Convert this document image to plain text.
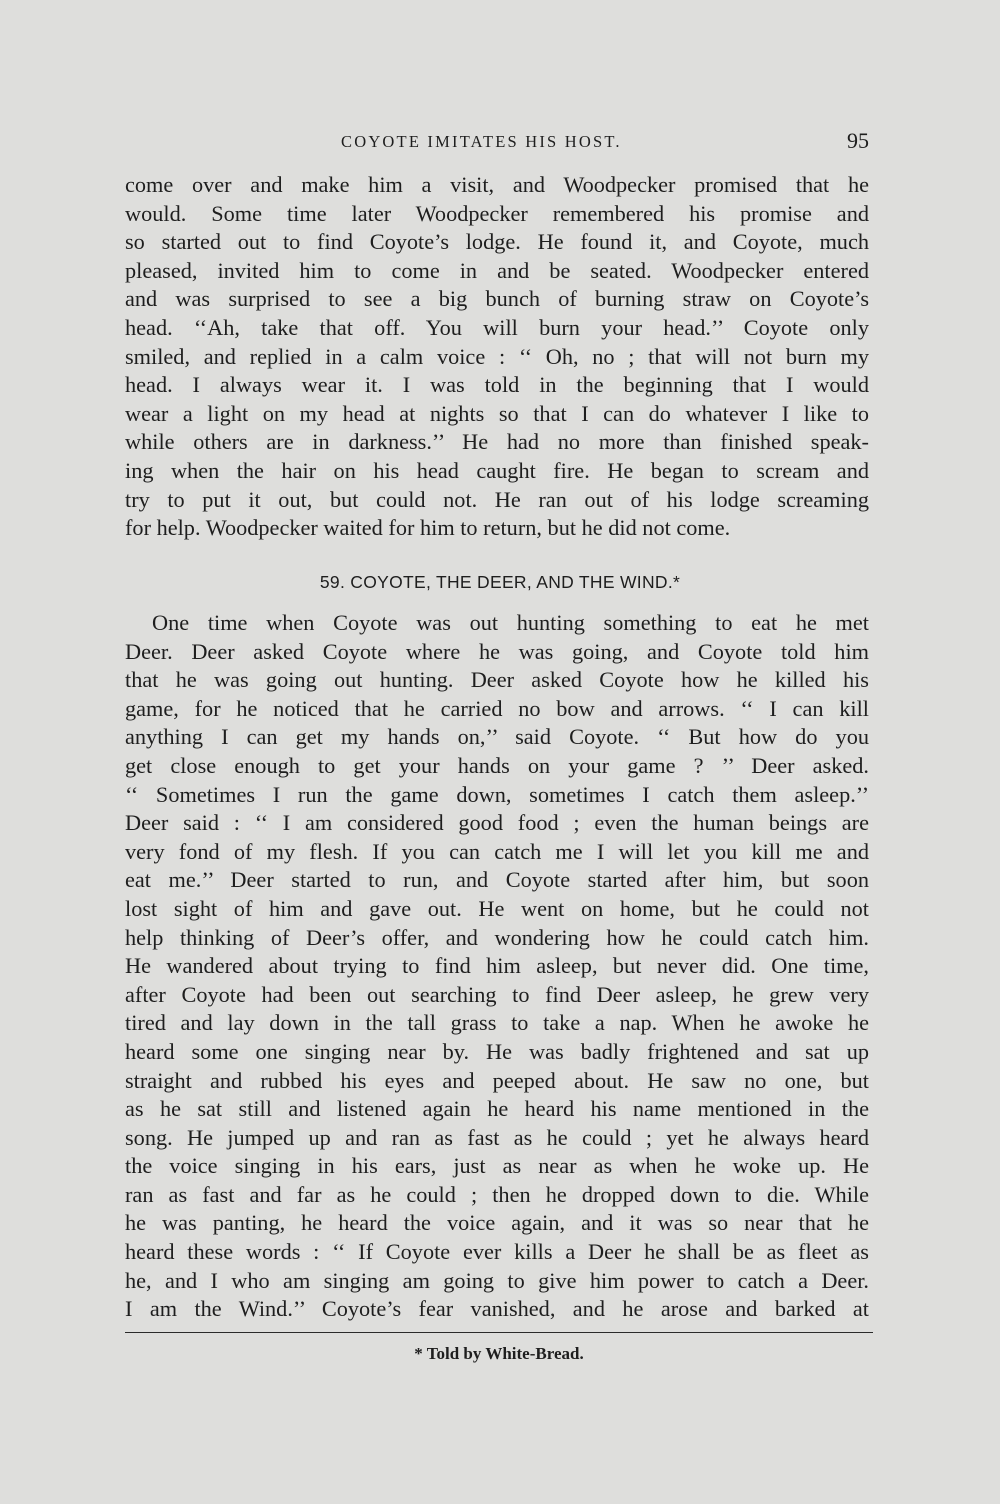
COYOTE IMITATES HIS HOST.	95
come over and make him a visit, and Woodpecker promised that he
would. Some time later Woodpecker remembered his promise and
so started out to find Coyote’s lodge. He found it, and Coyote, much
pleased, invited him to come in and be seated. Woodpecker entered
and was surprised to see a big bunch of burning straw on Coyote’s
head. ‘‘Ah, take that off. You will burn your head.’’ Coyote only
smiled, and replied in a calm voice : ‘‘ Oh, no ; that will not burn my
head. I always wear it. I was told in the beginning that I would
wear a light on my head at nights so that I can do whatever I like to
while others are in darkness.’’ He had no more than finished speak-
ing when the hair on his head caught fire. He began to scream and
try to put it out, but could not. He ran out of his lodge screaming
for help. Woodpecker waited for him to return, but he did not come.
59. COYOTE, THE DEER, AND THE WIND.*
One time when Coyote was out hunting something to eat he met
Deer. Deer asked Coyote where he was going, and Coyote told him
that he was going out hunting. Deer asked Coyote how he killed his
game, for he noticed that he carried no bow and arrows. ‘‘ I can kill
anything I can get my hands on,’’ said Coyote. ‘‘ But how do you
get close enough to get your hands on your game ? ’’ Deer asked.
‘‘ Sometimes I run the game down, sometimes I catch them asleep.’’
Deer said : ‘‘ I am considered good food ; even the human beings are
very fond of my flesh. If you can catch me I will let you kill me and
eat me.’’ Deer started to run, and Coyote started after him, but soon
lost sight of him and gave out. He went on home, but he could not
help thinking of Deer’s offer, and wondering how he could catch him.
He wandered about trying to find him asleep, but never did. One time,
after Coyote had been out searching to find Deer asleep, he grew very
tired and lay down in the tall grass to take a nap. When he awoke he
heard some one singing near by. He was badly frightened and sat up
straight and rubbed his eyes and peeped about. He saw no one, but
as he sat still and listened again he heard his name mentioned in the
song. He jumped up and ran as fast as he could ; yet he always heard
the voice singing in his ears, just as near as when he woke up. He
ran as fast and far as he could ; then he dropped down to die. While
he was panting, he heard the voice again, and it was so near that he
heard these words : ‘‘ If Coyote ever kills a Deer he shall be as fleet as
he, and I who am singing am going to give him power to catch a Deer.
I am the Wind.’’ Coyote’s fear vanished, and he arose and barked at
* Told by White-Bread.
